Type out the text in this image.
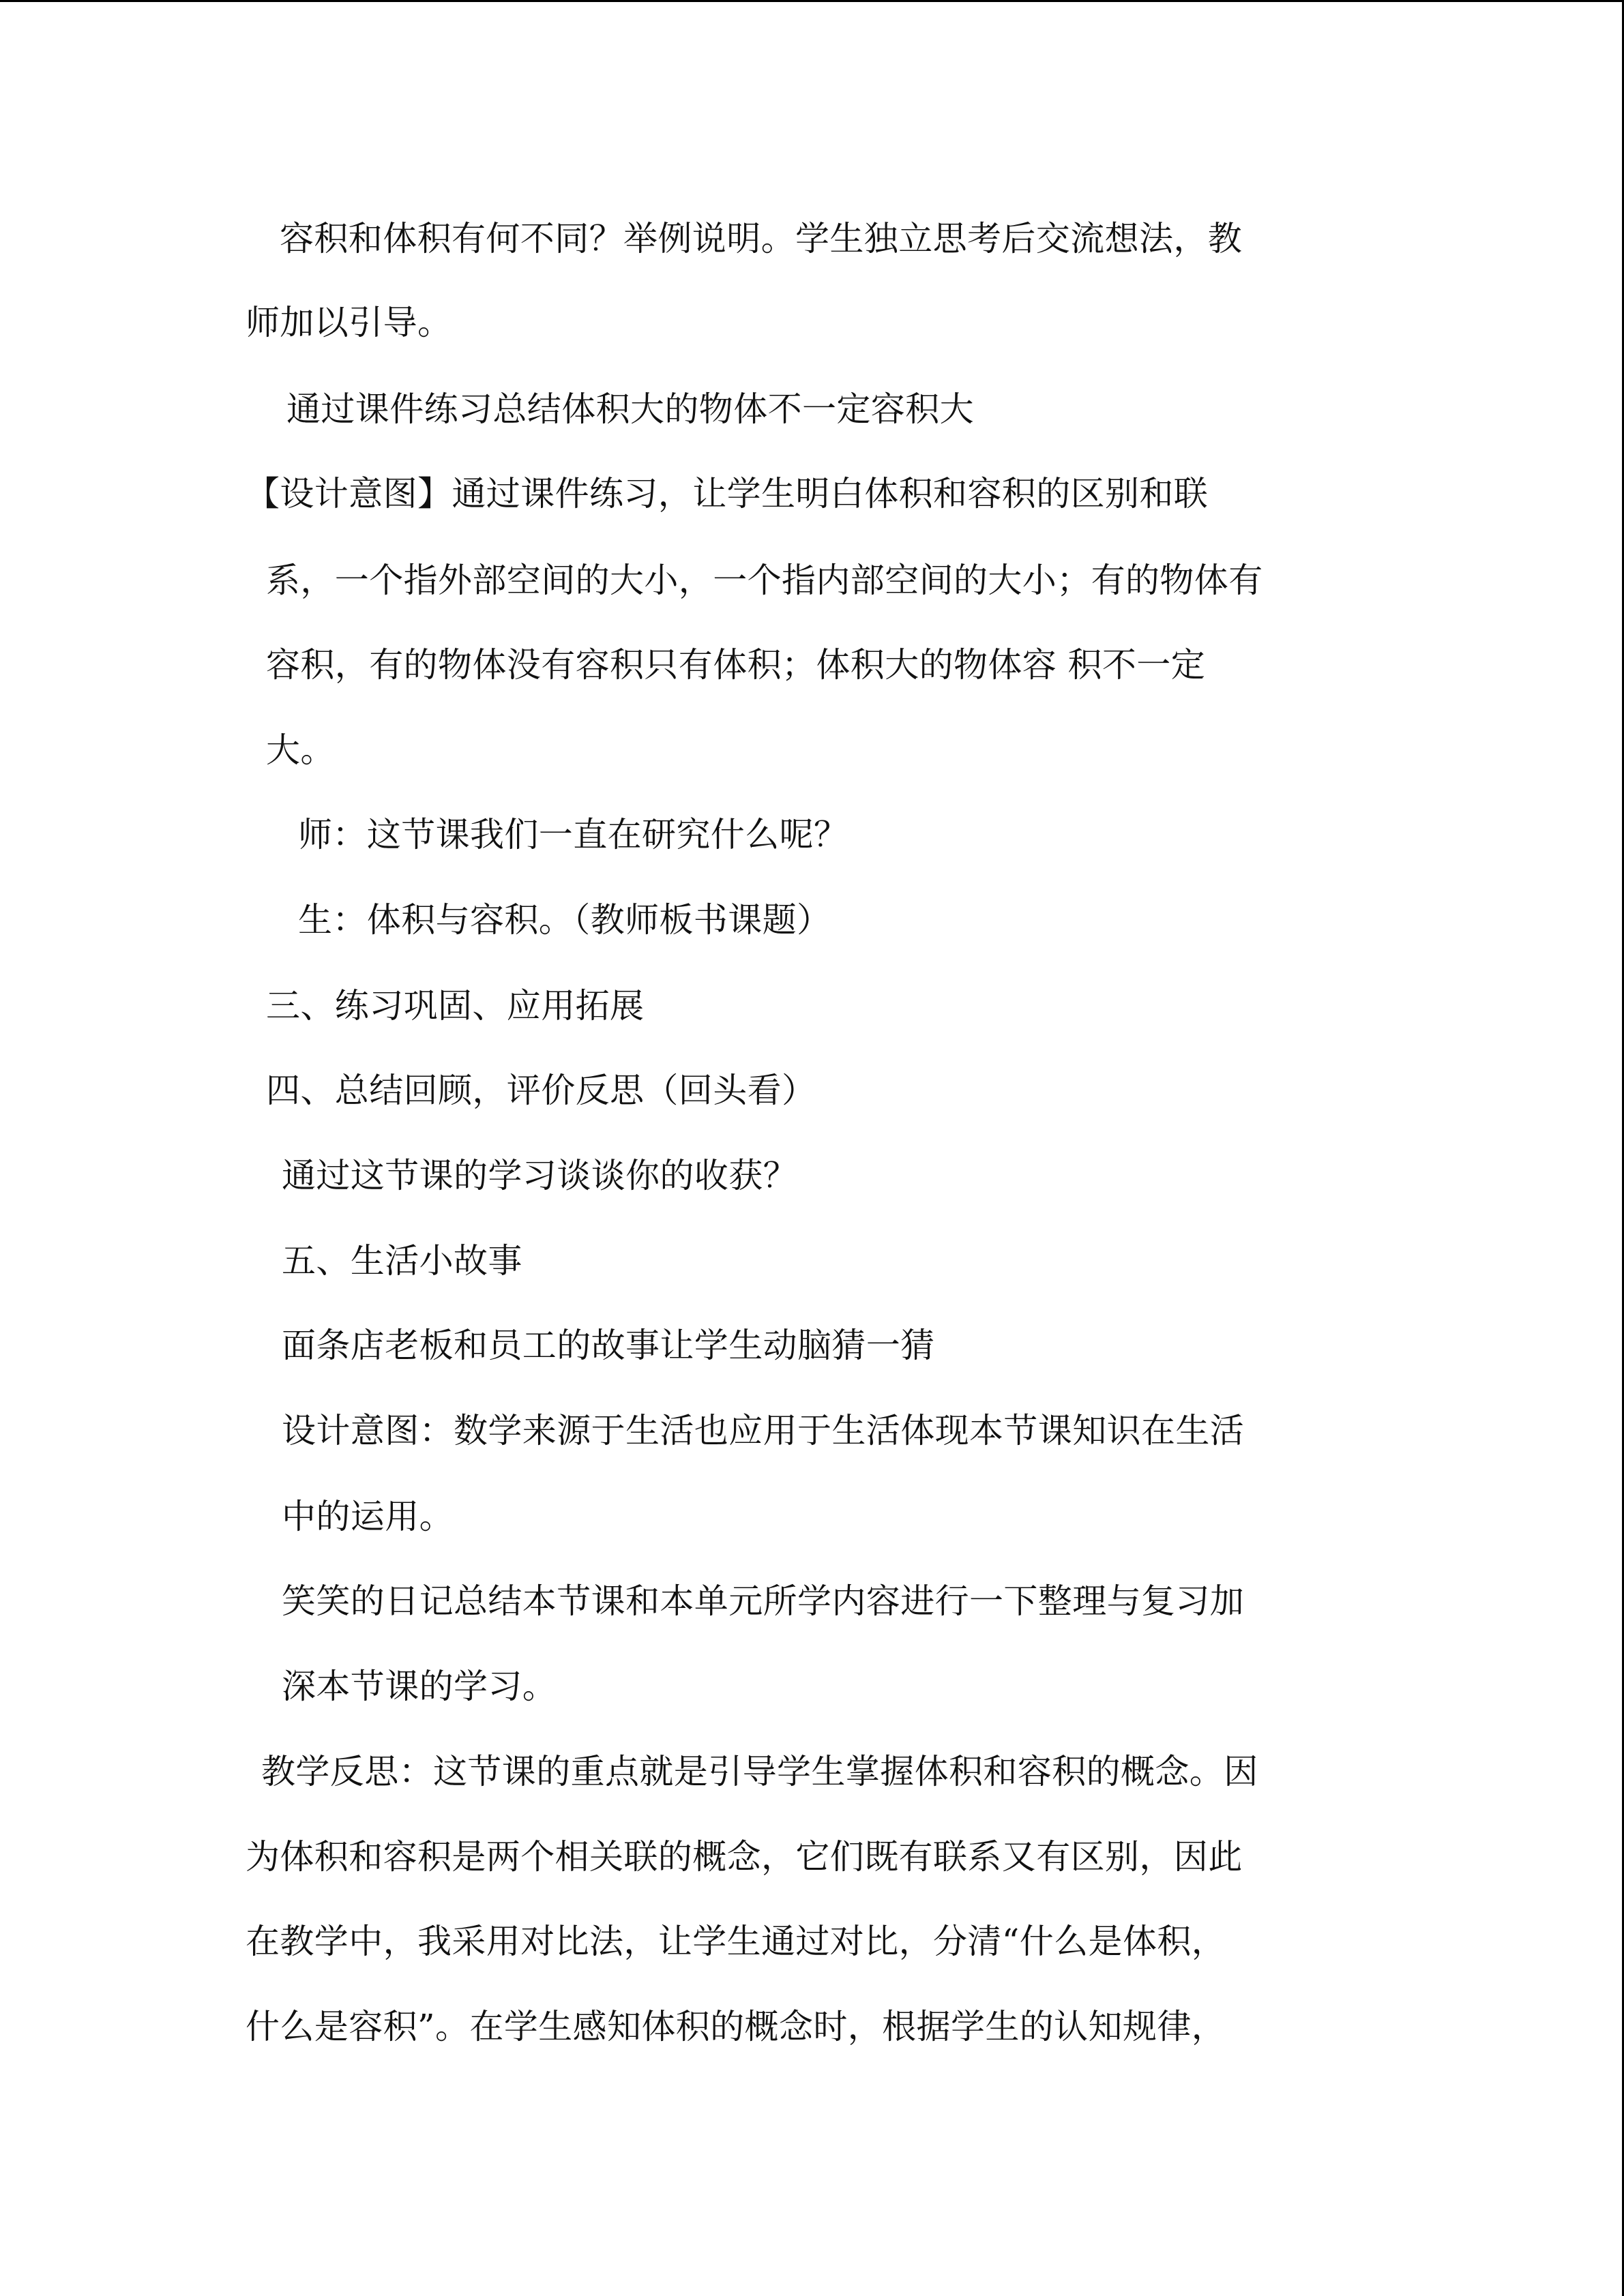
容积和体积有何不同？举例说明。学生独立思考后交流想法，教

师加以引导。

通过课件练习总结体积大的物体不一定容积大

【设计意图】通过课件练习，让学生明白体积和容积的区别和联

系，一个指外部空间的大小，一个指内部空间的大小；有的物体有

容积，有的物体没有容积只有体积；体积大的物体容 积不一定

大。

师：这节课我们一直在研究什么呢？

生：体积与容积。（教师板书课题）

三、练习巩固、应用拓展

四、总结回顾，评价反思（回头看）

通过这节课的学习谈谈你的收获？

五、生活小故事

面条店老板和员工的故事让学生动脑猜一猜

设计意图：数学来源于生活也应用于生活体现本节课知识在生活

中的运用。

笑笑的日记总结本节课和本单元所学内容进行一下整理与复习加

深本节课的学习。

教学反思：这节课的重点就是引导学生掌握体积和容积的概念。因

为体积和容积是两个相关联的概念，它们既有联系又有区别，因此

在教学中，我采用对比法，让学生通过对比，分清“什么是体积，

什么是容积”。在学生感知体积的概念时，根据学生的认知规律，
